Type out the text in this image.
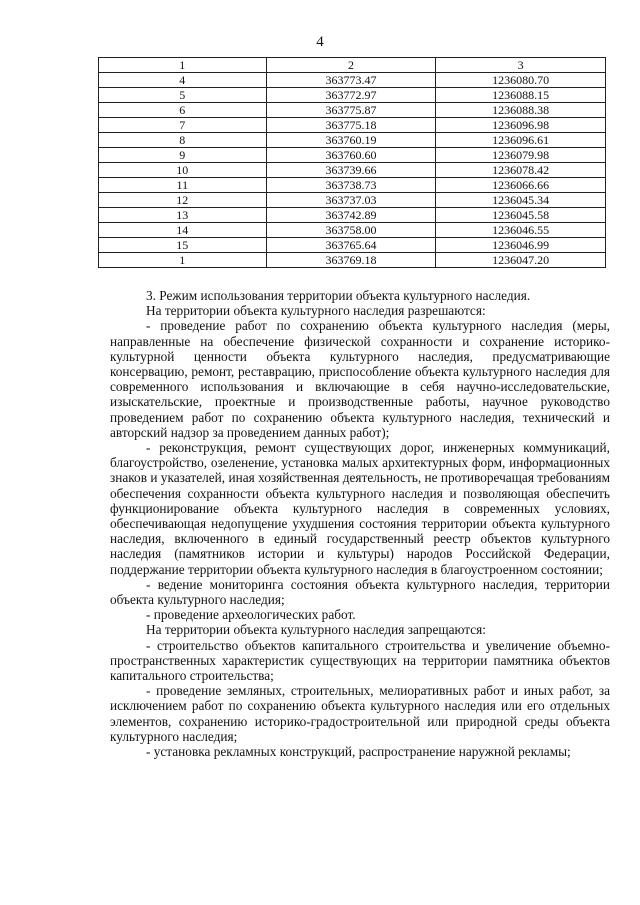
4
1	2	3
4	363773.47	1236080.70
5	363772.97	1236088.15
6	363775.87	1236088.38
7	363775.18	1236096.98
8	363760.19	1236096.61
9	363760.60	1236079.98
10	363739.66	1236078.42
11	363738.73	1236066.66
12	363737.03	1236045.34
13	363742.89	1236045.58
14	363758.00	1236046.55
15	363765.64	1236046.99
1	363769.18	1236047.20

3. Режим использования территории объекта культурного наследия.

На территории объекта культурного наследия разрешаются:

- проведение работ по сохранению объекта культурного наследия (меры, направленные на обеспечение физической сохранности и сохранение историко-культурной ценности объекта культурного наследия, предусматривающие консервацию, ремонт, реставрацию, приспособление объекта культурного наследия для современного использования и включающие в себя научно-исследовательские, изыскательские, проектные и производственные работы, научное руководство проведением работ по сохранению объекта культурного наследия, технический и авторский надзор за проведением данных работ);

- реконструкция, ремонт существующих дорог, инженерных коммуникаций, благоустройство, озеленение, установка малых архитектурных форм, информационных знаков и указателей, иная хозяйственная деятельность, не противоречащая требованиям обеспечения сохранности объекта культурного наследия и позволяющая обеспечить функционирование объекта культурного наследия в современных условиях, обеспечивающая недопущение ухудшения состояния территории объекта культурного наследия, включенного в единый государственный реестр объектов культурного наследия (памятников истории и культуры) народов Российской Федерации, поддержание территории объекта культурного наследия в благоустроенном состоянии;

- ведение мониторинга состояния объекта культурного наследия, территории объекта культурного наследия;

- проведение археологических работ.

На территории объекта культурного наследия запрещаются:

- строительство объектов капитального строительства и увеличение объемно-пространственных характеристик существующих на территории памятника объектов капитального строительства;

- проведение земляных, строительных, мелиоративных работ и иных работ, за исключением работ по сохранению объекта культурного наследия или его отдельных элементов, сохранению историко-градостроительной или природной среды объекта культурного наследия;

- установка рекламных конструкций, распространение наружной рекламы;
